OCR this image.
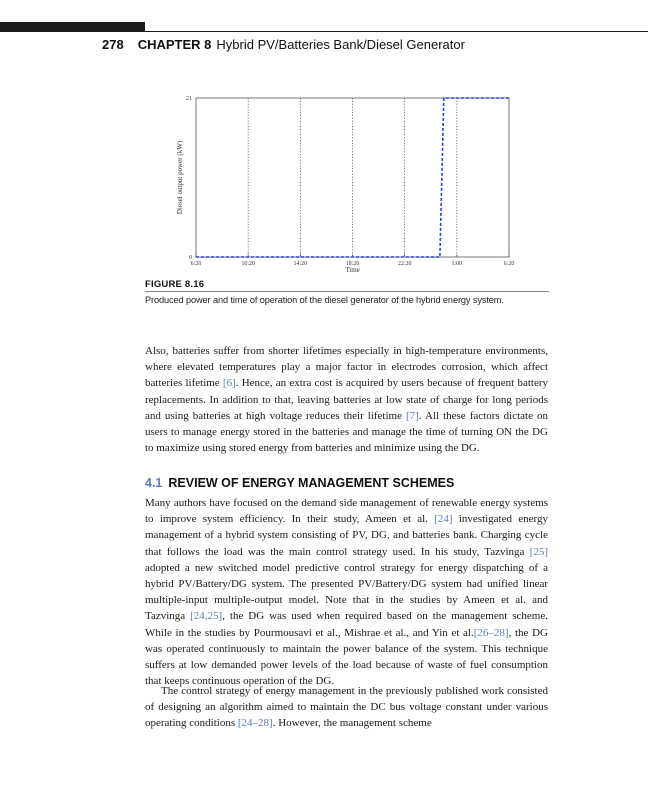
278 CHAPTER 8 Hybrid PV/Batteries Bank/Diesel Generator
6:20	10:20	14:20	18:20	22:20	1:00	6:20
0
21
Time
Diesel output power (kW)
FIGURE 8.16
Produced power and time of operation of the diesel generator of the hybrid energy system.
Also, batteries suffer from shorter lifetimes especially in high-temperature environments, where elevated temperatures play a major factor in electrodes corrosion, which affect batteries lifetime [6]. Hence, an extra cost is acquired by users because of frequent battery replacements. In addition to that, leaving batteries at low state of charge for long periods and using batteries at high voltage reduces their lifetime [7]. All these factors dictate on users to manage energy stored in the batteries and manage the time of turning ON the DG to maximize using stored energy from batteries and minimize using the DG.
4.1 REVIEW OF ENERGY MANAGEMENT SCHEMES
Many authors have focused on the demand side management of renewable energy systems to improve system efficiency. In their study, Ameen et al. [24] investigated energy management of a hybrid system consisting of PV, DG, and batteries bank. Charging cycle that follows the load was the main control strategy used. In his study, Tazvinga [25] adopted a new switched model predictive control strategy for energy dispatching of a hybrid PV/Battery/DG system. The presented PV/Battery/DG system had unified linear multiple-input multiple-output model. Note that in the studies by Ameen et al. and Tazvinga [24,25], the DG was used when required based on the management scheme. While in the studies by Pourmousavi et al., Mishrae et al., and Yin et al.[26–28], the DG was operated continuously to maintain the power balance of the system. This technique suffers at low demanded power levels of the load because of waste of fuel consumption that keeps continuous operation of the DG.
The control strategy of energy management in the previously published work consisted of designing an algorithm aimed to maintain the DC bus voltage constant under various operating conditions [24–28]. However, the management scheme
